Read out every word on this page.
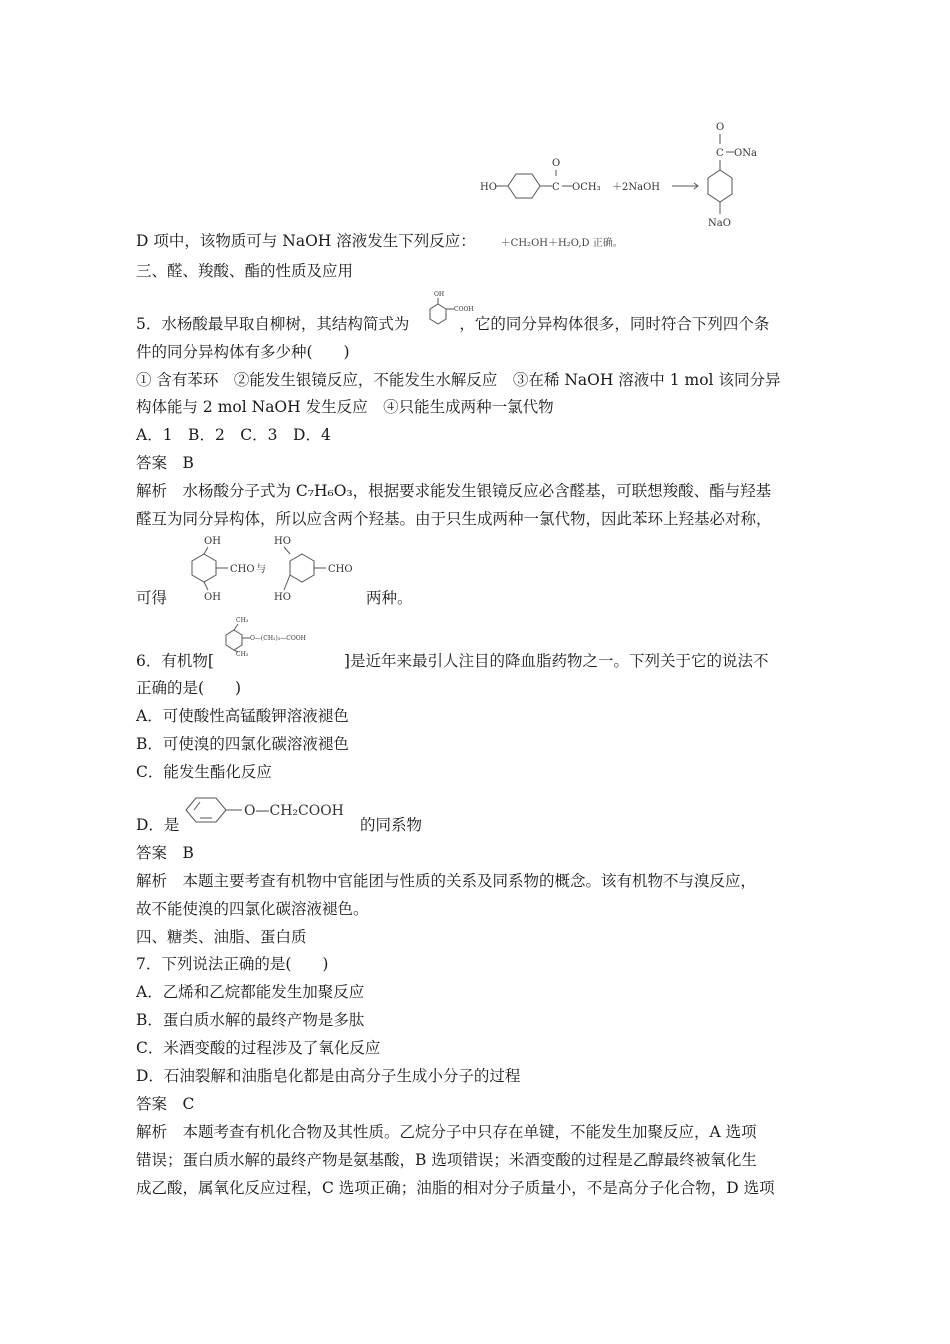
HO	C
O
OCH₃ ＋2NaOH
O
C ONa
NaO
D 项中，该物质可与 NaOH 溶液发生下列反应： ＋CH₂OH＋H₂O,D 正确。
三、醛、羧酸、酯的性质及应用
5．水杨酸最早取自柳树，其结构简式为	，它的同分异构体很多，同时符合下列四个条
OH
COOH
件的同分异构体有多少种(　　)
① 含有苯环　②能发生银镜反应，不能发生水解反应　③在稀 NaOH 溶液中 1 mol 该同分异
构体能与 2 mol NaOH 发生反应　④只能生成两种一氯代物
A．1　B．2　C．3　D．4
答案　B
解析　水杨酸分子式为 C₇H₆O₃，根据要求能发生银镜反应必含醛基，可联想羧酸、酯与羟基
醛互为同分异构体，所以应含两个羟基。由于只生成两种一氯代物，因此苯环上羟基必对称，
OH
CHO
OH
与
HO
CHO
HO
可得	两种。
CH₃
O—(CH₂)₃—COOH
CH₃
6．有机物[	]是近年来最引人注目的降血脂药物之一。下列关于它的说法不
正确的是(　　)
A．可使酸性高锰酸钾溶液褪色
B．可使溴的四氯化碳溶液褪色
C．能发生酯化反应
O—CH₂COOH
D．是	的同系物
答案　B
解析　本题主要考查有机物中官能团与性质的关系及同系物的概念。该有机物不与溴反应，
故不能使溴的四氯化碳溶液褪色。
四、糖类、油脂、蛋白质
7．下列说法正确的是(　　)
A．乙烯和乙烷都能发生加聚反应
B．蛋白质水解的最终产物是多肽
C．米酒变酸的过程涉及了氧化反应
D．石油裂解和油脂皂化都是由高分子生成小分子的过程
答案　C
解析　本题考查有机化合物及其性质。乙烷分子中只存在单键，不能发生加聚反应，A 选项
错误；蛋白质水解的最终产物是氨基酸，B 选项错误；米酒变酸的过程是乙醇最终被氧化生
成乙酸，属氧化反应过程，C 选项正确；油脂的相对分子质量小，不是高分子化合物，D 选项
